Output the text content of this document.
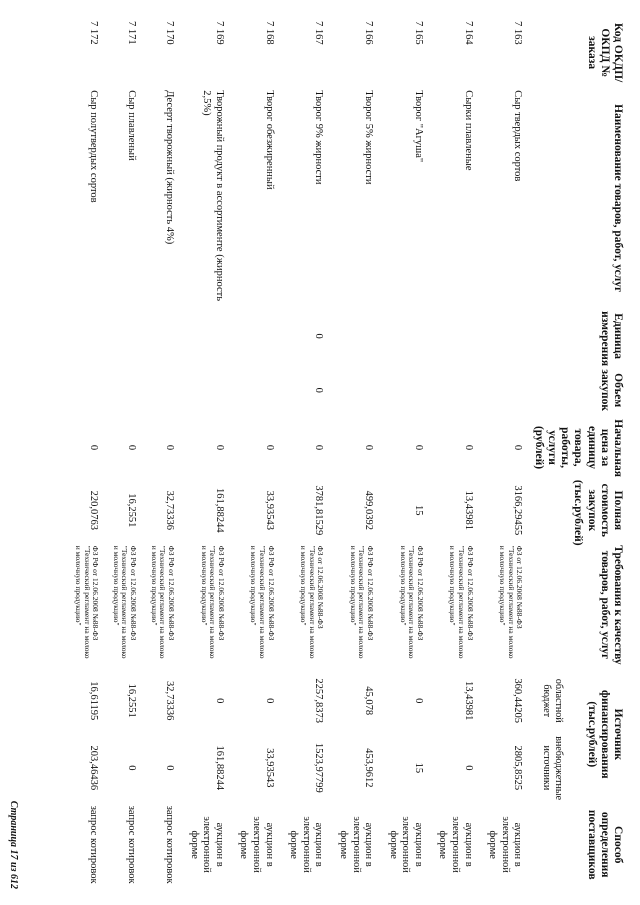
Код ОКДП/ ОКПД № заказа	Наименование товаров, работ, услуг	Единица измерения	Объем закупок	Начальная цена за единицу товара, работы, услуги (рублей)	Полная стоимость закупок (тыс.рублей)	Требования к качеству товаров, работ, услуг	Источник финансирования (тыс.рублей)		Способ определения поставщиков
							областной бюджет	внебюджетные источники	
7 163	Сыр твердых сортов			0	3166,29455	ФЗ от 12.06.2008 №88-ФЗ "Технический регламент на молоко и молочную продукцию"	360,44205	2805,8525	аукцион в электронной форме
7 164	Сырки плавленые			0	13,43981	ФЗ РФ от 12.06.2008 №88-ФЗ "Технический регламент на молоко и молочную продукцию"	13,43981	0	аукцион в электронной форме
7 165	Творог "Агуша"			0	15	ФЗ РФ от 12.06.2008 №88-ФЗ "Технический регламент на молоко и молочную продукцию"	0	15	аукцион в электронной форме
7 166	Творог 5% жирности			0	499,0392	ФЗ РФ от 12.06.2008 №88-ФЗ "Технический регламент на молоко и молочную продукцию"	45,078	453,9612	аукцион в электронной форме
7 167	Творог 9% жирности	0	0	0	3781,81529	ФЗ от 12.06.2008 №88-ФЗ "Технический регламент на молоко и молочную продукцию"	2257,8373	1523,97799	аукцион в электронной форме
7 168	Творог обезжиренный			0	33,93543	ФЗ РФ от 12.06.2008 №88-ФЗ "Технический регламент на молоко и молочную продукцию"	0	33,93543	аукцион в электронной форме
7 169	Творожный продукт в ассортименте (жирность 2,5%)			0	161,88244	ФЗ РФ от 12.06.2008 №88-ФЗ "Технический регламент на молоко и молочную продукцию"	0	161,88244	аукцион в электронной форме
7 170	Десерт творожный (жирность 4%)			0	32,73336	ФЗ РФ от 12.06.2008 №88-ФЗ "Технический регламент на молоко и молочную продукцию"	32,73336	0	запрос котировок
7 171	Сыр плавленый			0	16,2551	ФЗ РФ от 12.06.2008 №88-ФЗ "Технический регламент на молоко и молочную продукцию"	16,2551	0	запрос котировок
7 172	Сыр полутвердых сортов			0	220,0763	ФЗ РФ от 12.06.2008 №88-ФЗ "Технический регламент на молоко и молочную продукцию"	16,61195	203,46436	запрос котировок
Страница 17 из 612
